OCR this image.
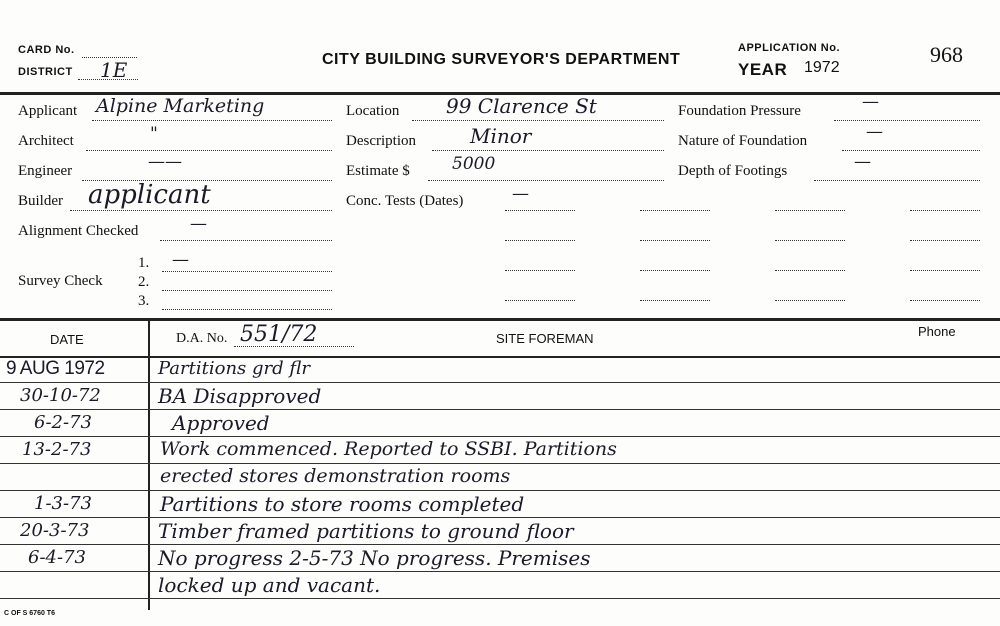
CARD No.
DISTRICT 1E	CITY BUILDING SURVEYOR'S DEPARTMENT
APPLICATION No.
YEAR 1972
968
Applicant Alpine Marketing
Architect	"
Engineer	——
Builder applicant
Alignment Checked	—
Survey Check
1. —
2.
3.
Location 99 Clarence St
Description	Minor
Estimate $ 5000
Conc. Tests (Dates)	—
Foundation Pressure	—
Nature of Foundation	—
Depth of Footings	—
DATE	D.A. No. 551/72	SITE FOREMAN	Phone
9 AUG 1972	Partitions grd flr
30-10-72	BA Disapproved
6-2-73	Approved
13-2-73	Work commenced. Reported to SSBI. Partitions
erected stores demonstration rooms
1-3-73	Partitions to store rooms completed
20-3-73	Timber framed partitions to ground floor
6-4-73	No progress 2-5-73 No progress. Premises
locked up and vacant.
C OF S 6760 T6
